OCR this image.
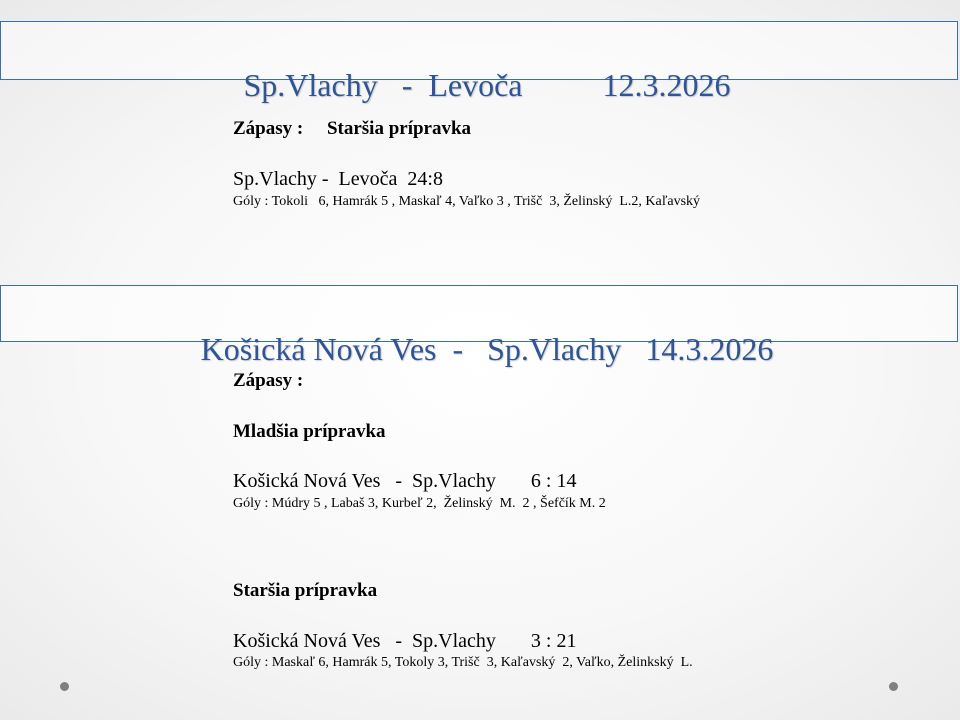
Sp.Vlachy   -  Levoča          12.3.2026

Zápasy :     Staršia prípravka
Sp.Vlachy -  Levoča  24:8
Góly : Tokoli   6, Hamrák 5 , Maskaľ 4, Vaľko 3 , Trišč  3, Želinský  L.2, Kaľavský

Košická Nová Ves  -   Sp.Vlachy   14.3.2026

Zápasy :
Mladšia prípravka
Košická Nová Ves   -  Sp.Vlachy       6 : 14
Góly : Múdry 5 , Labaš 3, Kurbeľ 2,  Želinský  M.  2 , Šefčík M. 2
Staršia prípravka
Košická Nová Ves   -  Sp.Vlachy       3 : 21
Góly : Maskaľ 6, Hamrák 5, Tokoly 3, Trišč  3, Kaľavský  2, Vaľko, Želinkský  L.
